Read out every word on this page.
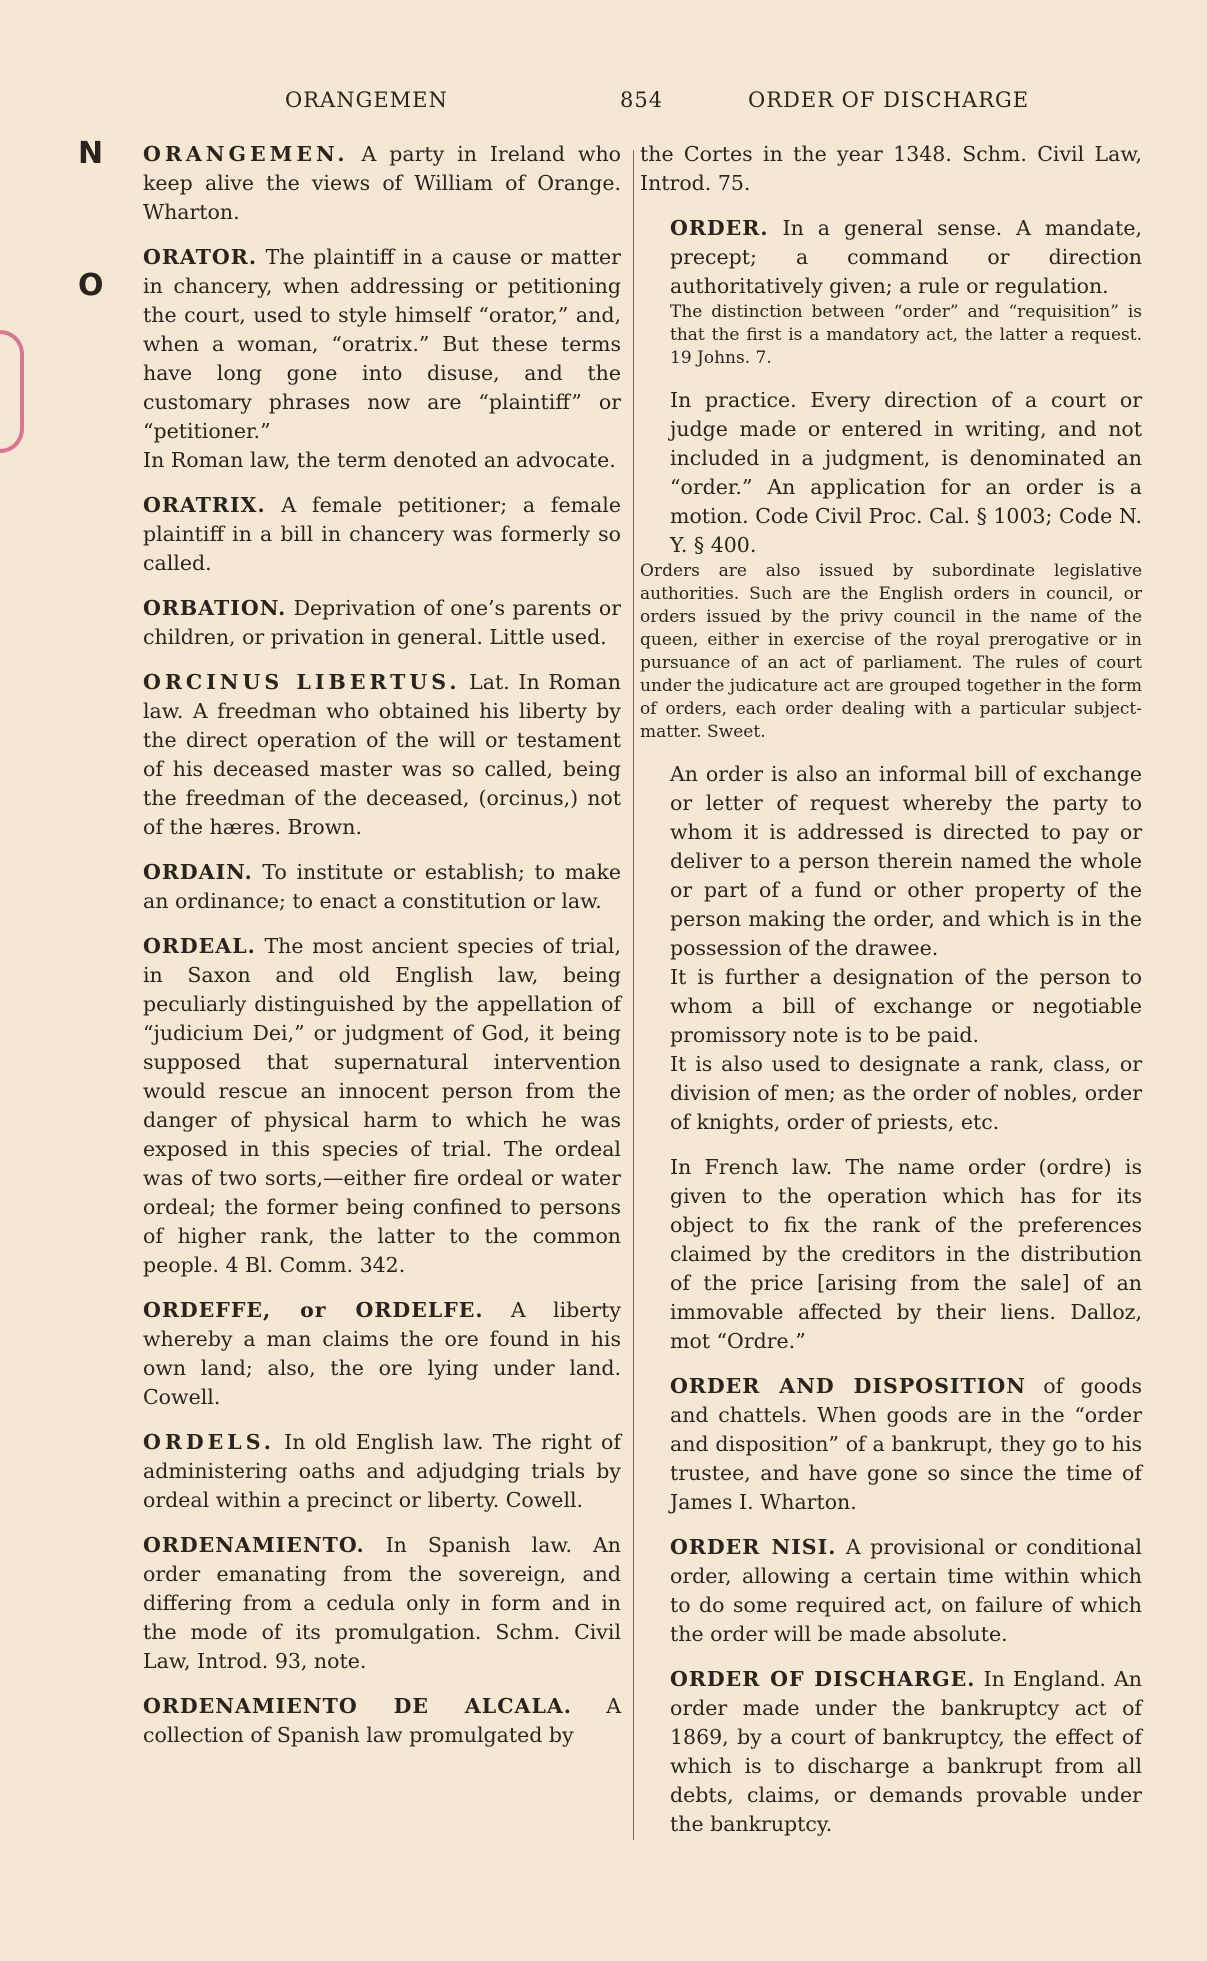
ORANGEMEN	854	ORDER OF DISCHARGE
N
O

ORANGEMEN. A party in Ireland who keep alive the views of William of Orange. Wharton.

ORATOR. The plaintiff in a cause or matter in chancery, when addressing or petitioning the court, used to style himself “orator,” and, when a woman, “oratrix.” But these terms have long gone into disuse, and the customary phrases now are “plaintiff” or “petitioner.”

In Roman law, the term denoted an advocate.

ORATRIX. A female petitioner; a female plaintiff in a bill in chancery was formerly so called.

ORBATION. Deprivation of one’s parents or children, or privation in general. Little used.

ORCINUS LIBERTUS. Lat. In Roman law. A freedman who obtained his liberty by the direct operation of the will or testament of his deceased master was so called, being the freedman of the deceased, (orcinus,) not of the hæres. Brown.

ORDAIN. To institute or establish; to make an ordinance; to enact a constitution or law.

ORDEAL. The most ancient species of trial, in Saxon and old English law, being peculiarly distinguished by the appellation of “judicium Dei,” or judgment of God, it being supposed that supernatural intervention would rescue an innocent person from the danger of physical harm to which he was exposed in this species of trial. The ordeal was of two sorts,—either fire ordeal or water ordeal; the former being confined to persons of higher rank, the latter to the common people. 4 Bl. Comm. 342.

ORDEFFE, or ORDELFE. A liberty whereby a man claims the ore found in his own land; also, the ore lying under land. Cowell.

ORDELS. In old English law. The right of administering oaths and adjudging trials by ordeal within a precinct or liberty. Cowell.

ORDENAMIENTO. In Spanish law. An order emanating from the sovereign, and differing from a cedula only in form and in the mode of its promulgation. Schm. Civil Law, Introd. 93, note.

ORDENAMIENTO DE ALCALA. A collection of Spanish law promulgated by

the Cortes in the year 1348. Schm. Civil Law, Introd. 75.

ORDER. In a general sense. A mandate, precept; a command or direction authoritatively given; a rule or regulation.

The distinction between “order” and “requisition” is that the first is a mandatory act, the latter a request. 19 Johns. 7.

In practice. Every direction of a court or judge made or entered in writing, and not included in a judgment, is denominated an “order.” An application for an order is a motion. Code Civil Proc. Cal. § 1003; Code N. Y. § 400.

Orders are also issued by subordinate legislative authorities. Such are the English orders in council, or orders issued by the privy council in the name of the queen, either in exercise of the royal prerogative or in pursuance of an act of parliament. The rules of court under the judicature act are grouped together in the form of orders, each order dealing with a particular subject-matter. Sweet.

An order is also an informal bill of exchange or letter of request whereby the party to whom it is addressed is directed to pay or deliver to a person therein named the whole or part of a fund or other property of the person making the order, and which is in the possession of the drawee.

It is further a designation of the person to whom a bill of exchange or negotiable promissory note is to be paid.

It is also used to designate a rank, class, or division of men; as the order of nobles, order of knights, order of priests, etc.

In French law. The name order (ordre) is given to the operation which has for its object to fix the rank of the preferences claimed by the creditors in the distribution of the price [arising from the sale] of an immovable affected by their liens. Dalloz, mot “Ordre.”

ORDER AND DISPOSITION of goods and chattels. When goods are in the “order and disposition” of a bankrupt, they go to his trustee, and have gone so since the time of James I. Wharton.

ORDER NISI. A provisional or conditional order, allowing a certain time within which to do some required act, on failure of which the order will be made absolute.

ORDER OF DISCHARGE. In England. An order made under the bankruptcy act of 1869, by a court of bankruptcy, the effect of which is to discharge a bankrupt from all debts, claims, or demands provable under the bankruptcy.
